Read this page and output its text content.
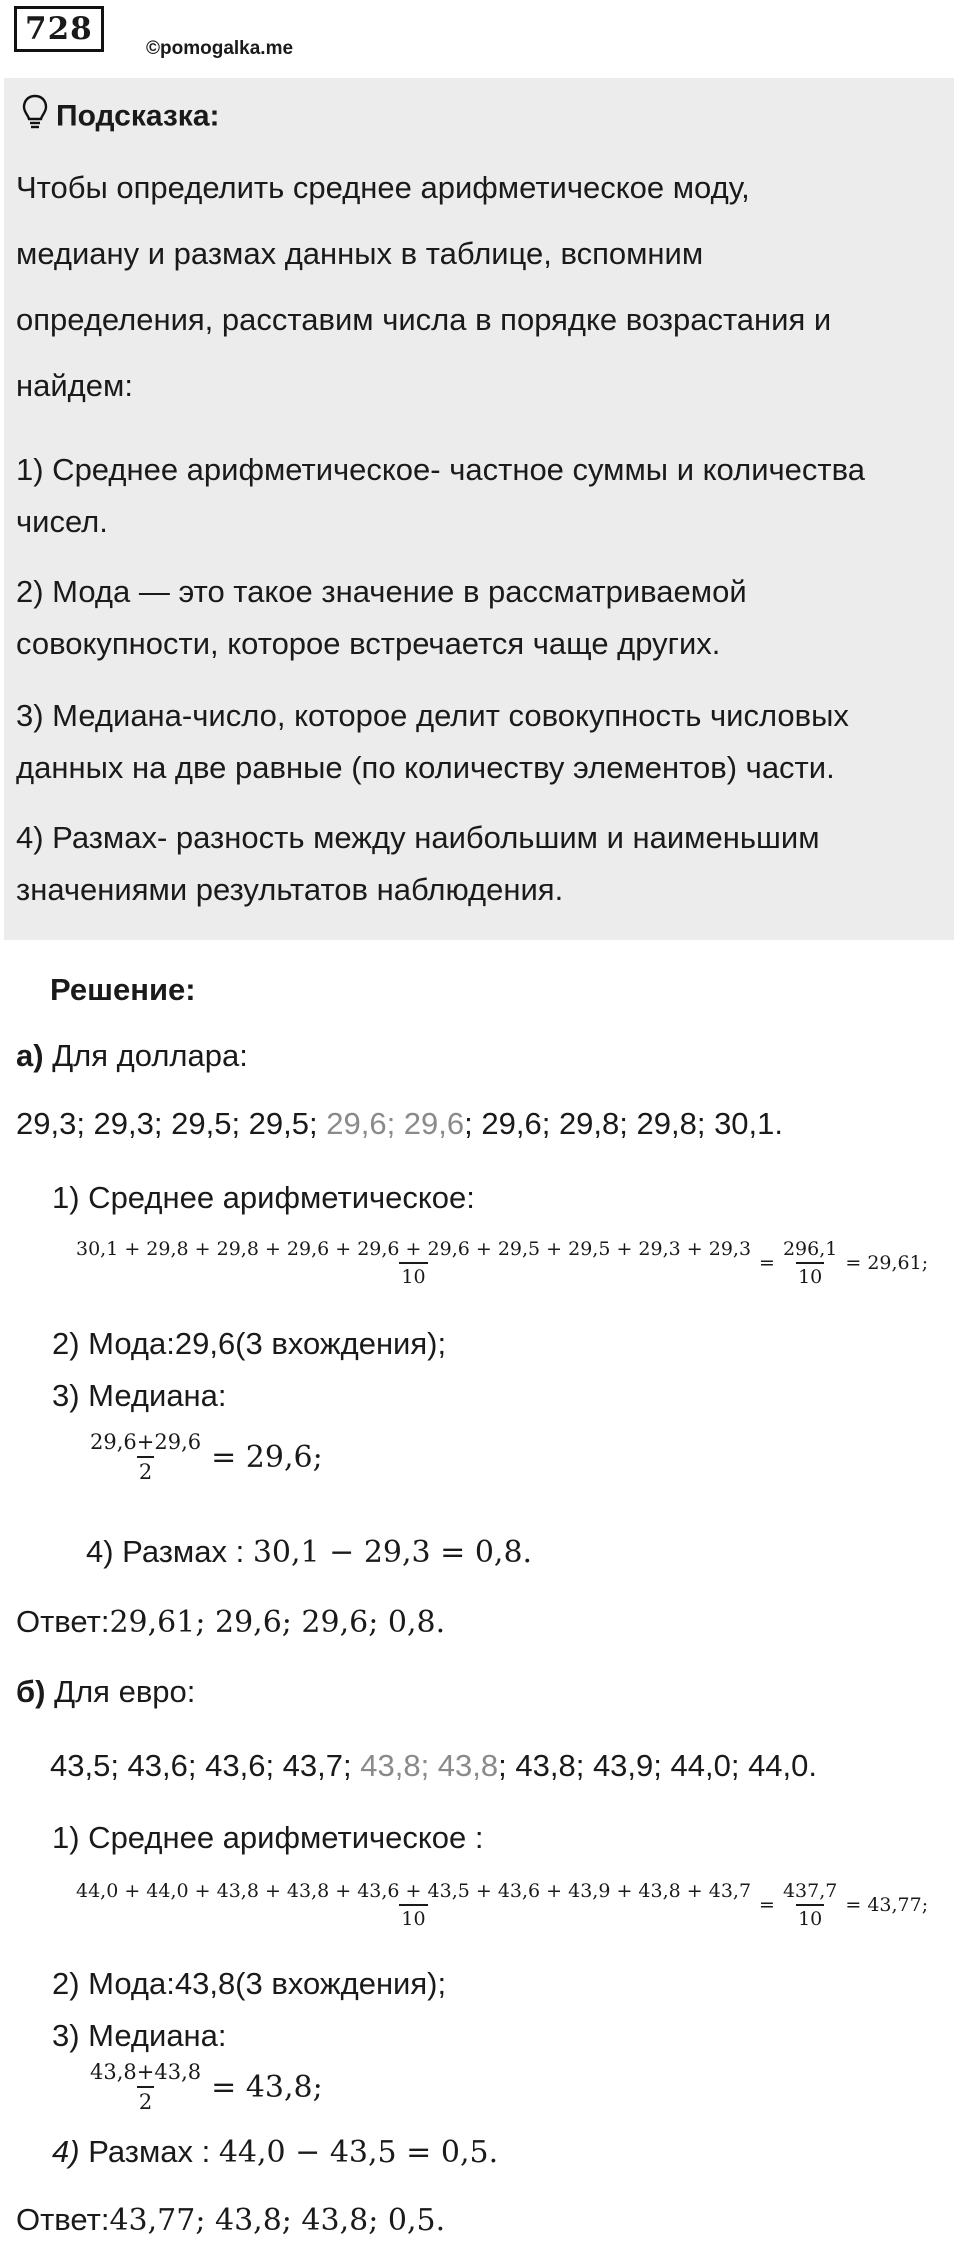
728
©pomogalka.me
Подсказка:
Чтобы определить среднее арифметическое моду,
медиану и размах данных в таблице, вспомним
определения, расставим числа в порядке возрастания и
найдем:
1) Среднее арифметическое- частное суммы и количества
чисел.
2) Мода — это такое значение в рассматриваемой
совокупности, которое встречается чаще других.
3) Медиана-число, которое делит совокупность числовых
данных на две равные (по количеству элементов) части.
4) Размах- разность между наибольшим и наименьшим
значениями результатов наблюдения.
Решение:
а) Для доллара:
29,3; 29,3; 29,5; 29,5; 29,6; 29,6; 29,6; 29,8; 29,8; 30,1.
1) Среднее арифметическое:
30,1 + 29,8 + 29,8 + 29,6 + 29,6 + 29,6 + 29,5 + 29,5 + 29,3 + 29,3
10
= $\frac{296,1}{10} = 29,61$;
2) Мода:29,6(3 вхождения);
3) Медиана:
$\frac{29,6+29,6}{2} = 29,6$;
4) Размах : 30,1 − 29,3 = 0,8.
Ответ:29,61; 29,6; 29,6; 0,8.
б) Для евро:
43,5; 43,6; 43,6; 43,7; 43,8; 43,8; 43,8; 43,9; 44,0; 44,0.
1) Среднее арифметическое :
44,0 + 44,0 + 43,8 + 43,8 + 43,6 + 43,5 + 43,6 + 43,9 + 43,8 + 43,7
10
= $\frac{437,7}{10} = 43,77$;
2) Мода:43,8(3 вхождения);
3) Медиана:
$\frac{43,8+43,8}{2} = 43,8$;
4) Размах : 44,0 − 43,5 = 0,5.
Ответ:43,77; 43,8; 43,8; 0,5.
